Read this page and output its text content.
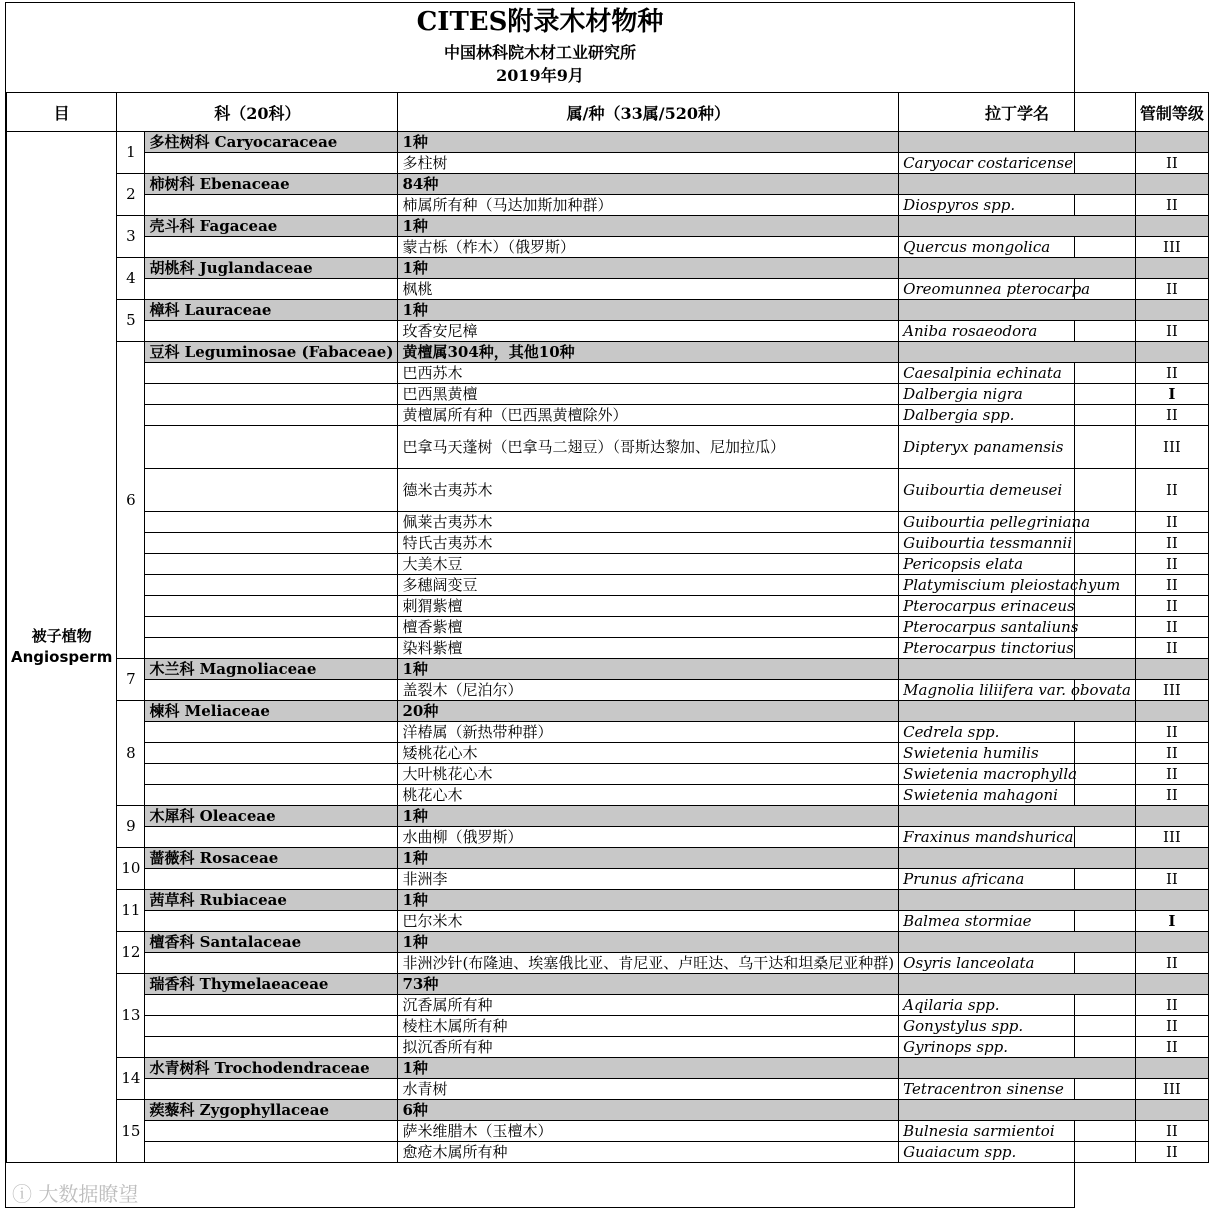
CITES附录木材物种
中国林科院木材工业研究所
2019年9月
目	科（20科）		属/种（33属/520种）	拉丁学名	管制等级

被子植物
Angiosperm	1	多柱树科 Caryocaraceae	1种		
			多柱树	Caryocar costaricense	II
	2	柿树科 Ebenaceae	84种		
			柿属所有种（马达加斯加种群）	Diospyros spp.	II
	3	壳斗科 Fagaceae	1种		
			蒙古栎（柞木）（俄罗斯）	Quercus mongolica	III
	4	胡桃科 Juglandaceae	1种		
			枫桃	Oreomunnea pterocarpa	II
	5	樟科 Lauraceae	1种		
			玫香安尼樟	Aniba rosaeodora	II
	6	豆科 Leguminosae (Fabaceae)	黄檀属304种，其他10种		
			巴西苏木	Caesalpinia echinata	II
			巴西黑黄檀	Dalbergia nigra	I
			黄檀属所有种（巴西黑黄檀除外）	Dalbergia spp.	II
			巴拿马天蓬树（巴拿马二翅豆）（哥斯达黎加、尼加拉瓜）	Dipteryx panamensis	III
			德米古夷苏木	Guibourtia demeusei	II
			佩莱古夷苏木	Guibourtia pellegriniana	II
			特氏古夷苏木	Guibourtia tessmannii	II
			大美木豆	Pericopsis elata	II
			多穗阔变豆	Platymiscium pleiostachyum	II
			刺猬紫檀	Pterocarpus erinaceus	II
			檀香紫檀	Pterocarpus santaliuns	II
			染料紫檀	Pterocarpus tinctorius	II
	7	木兰科 Magnoliaceae	1种		
			盖裂木（尼泊尔）	Magnolia liliifera var. obovata	III
	8	楝科 Meliaceae	20种		
			洋椿属（新热带种群）	Cedrela spp.	II
			矮桃花心木	Swietenia humilis	II
			大叶桃花心木	Swietenia macrophylla	II
			桃花心木	Swietenia mahagoni	II
	9	木犀科 Oleaceae	1种		
			水曲柳（俄罗斯）	Fraxinus mandshurica	III
	10	蔷薇科 Rosaceae	1种		
			非洲李	Prunus africana	II
	11	茜草科 Rubiaceae	1种		
			巴尔米木	Balmea stormiae	I
	12	檀香科 Santalaceae	1种		
			非洲沙针(布隆迪、埃塞俄比亚、肯尼亚、卢旺达、乌干达和坦桑尼亚种群)	Osyris lanceolata	II
	13	瑞香科 Thymelaeaceae	73种		
			沉香属所有种	Aqilaria spp.	II
			棱柱木属所有种	Gonystylus spp.	II
			拟沉香所有种	Gyrinops spp.	II
	14	水青树科 Trochodendraceae	1种		
			水青树	Tetracentron sinense	III
	15	蒺藜科 Zygophyllaceae	6种		
			萨米维腊木（玉檀木）	Bulnesia sarmientoi	II
			愈疮木属所有种	Guaiacum spp.	II
ⓘ 大数据瞭望
